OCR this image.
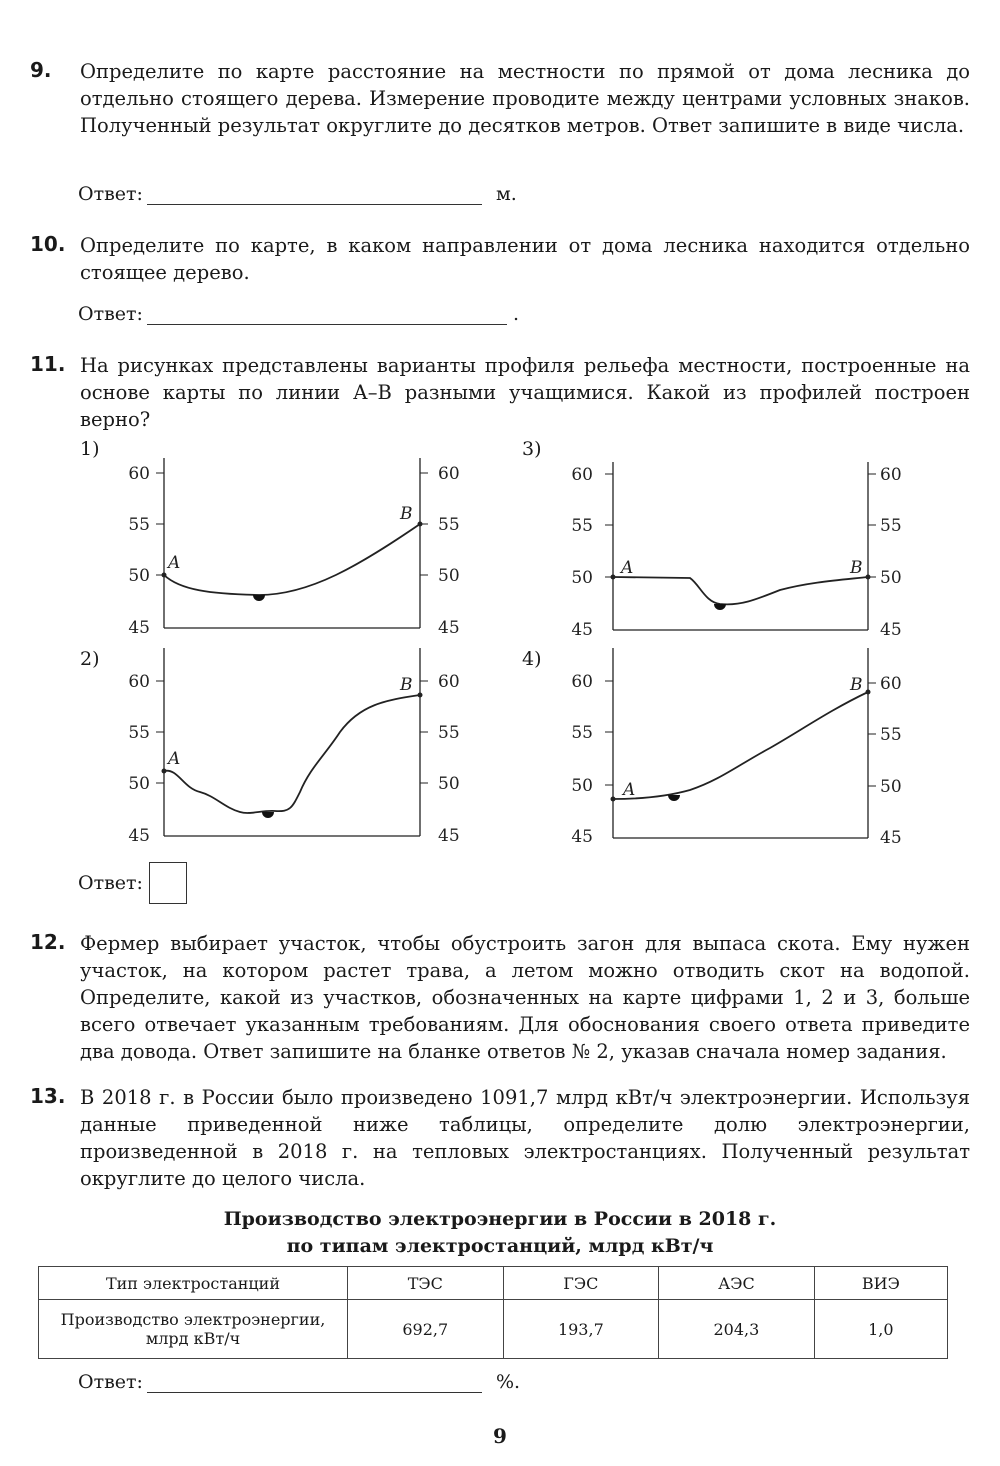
9. Определите по карте расстояние на местности по прямой от дома лесника до отдельно стоящего дерева. Измерение проводите между центрами условных знаков. Полученный результат округлите до десятков метров. Ответ запишите в виде числа.
Ответ:	м.
10. Определите по карте, в каком направлении от дома лесника находится отдельно стоящее дерево.
Ответ:	.
11. На рисунках представлены варианты профиля рельефа местности, построенные на основе карты по линии А–В разными учащимися. Какой из профилей построен верно?
1)
60
55
50
45
60
55
50
45
A
B
3)
60
55
50
45
60
55
50
45
A	B
2)
60
55
50
45
60
55
50
45
A
B
4)
60
55
50
45
60
55
50
45
A
B
Ответ:
12. Фермер выбирает участок, чтобы обустроить загон для выпаса скота. Ему нужен участок, на котором растет трава, а летом можно отводить скот на водопой. Определите, какой из участков, обозначенных на карте цифрами 1, 2 и 3, больше всего отвечает указанным требованиям. Для обоснования своего ответа приведите два довода. Ответ запишите на бланке ответов № 2, указав сначала номер задания.
13. В 2018 г. в России было произведено 1091,7 млрд кВт/ч электроэнергии. Используя данные приведенной ниже таблицы, определите долю электроэнергии, произведенной в 2018 г. на тепловых электростанциях. Полученный результат округлите до целого числа.
Производство электроэнергии в России в 2018 г.
по типам электростанций, млрд кВт/ч
Тип электростанций	ТЭС	ГЭС	АЭС	ВИЭ
Производство электроэнергии, млрд кВт/ч	692,7	193,7	204,3	1,0
Ответ:	%.
9
